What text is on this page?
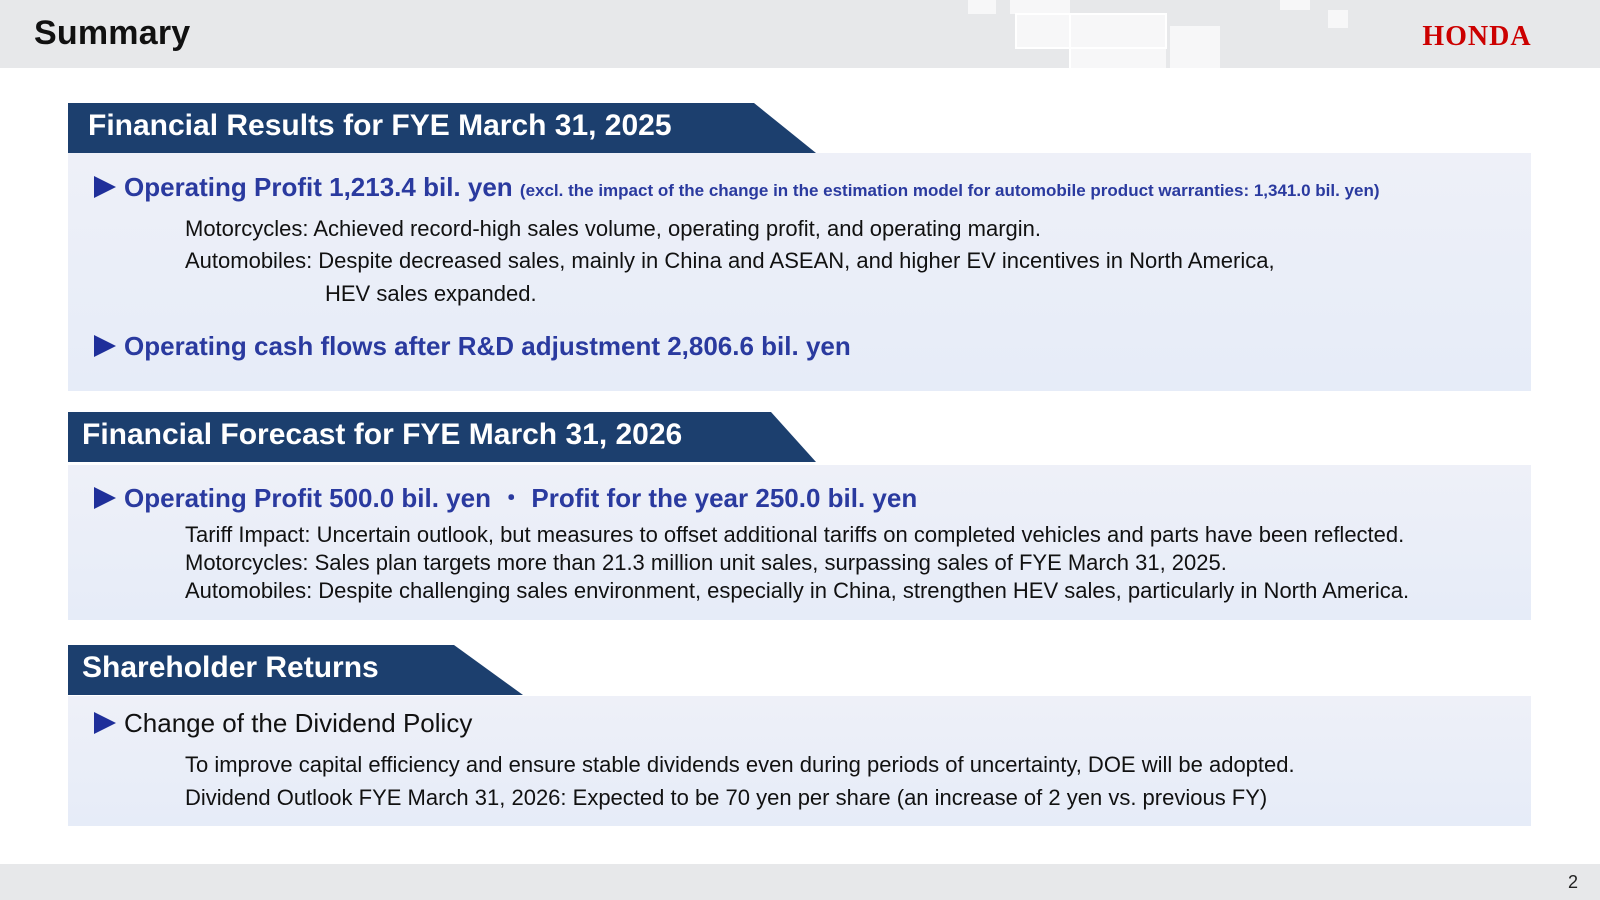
Summary	HONDA
Financial Results for FYE March 31, 2025
Operating Profit 1,213.4 bil. yen (excl. the impact of the change in the estimation model for automobile product warranties: 1,341.0 bil. yen)
Motorcycles: Achieved record-high sales volume, operating profit, and operating margin.
Automobiles: Despite decreased sales, mainly in China and ASEAN, and higher EV incentives in North America,
HEV sales expanded.
Operating cash flows after R&D adjustment 2,806.6 bil. yen
Financial Forecast for FYE March 31, 2026
Operating Profit 500.0 bil. yen ・ Profit for the year 250.0 bil. yen
Tariff Impact: Uncertain outlook, but measures to offset additional tariffs on completed vehicles and parts have been reflected.
Motorcycles: Sales plan targets more than 21.3 million unit sales, surpassing sales of FYE March 31, 2025.
Automobiles: Despite challenging sales environment, especially in China, strengthen HEV sales, particularly in North America.
Shareholder Returns
Change of the Dividend Policy
To improve capital efficiency and ensure stable dividends even during periods of uncertainty, DOE will be adopted.
Dividend Outlook FYE March 31, 2026: Expected to be 70 yen per share (an increase of 2 yen vs. previous FY)
2
